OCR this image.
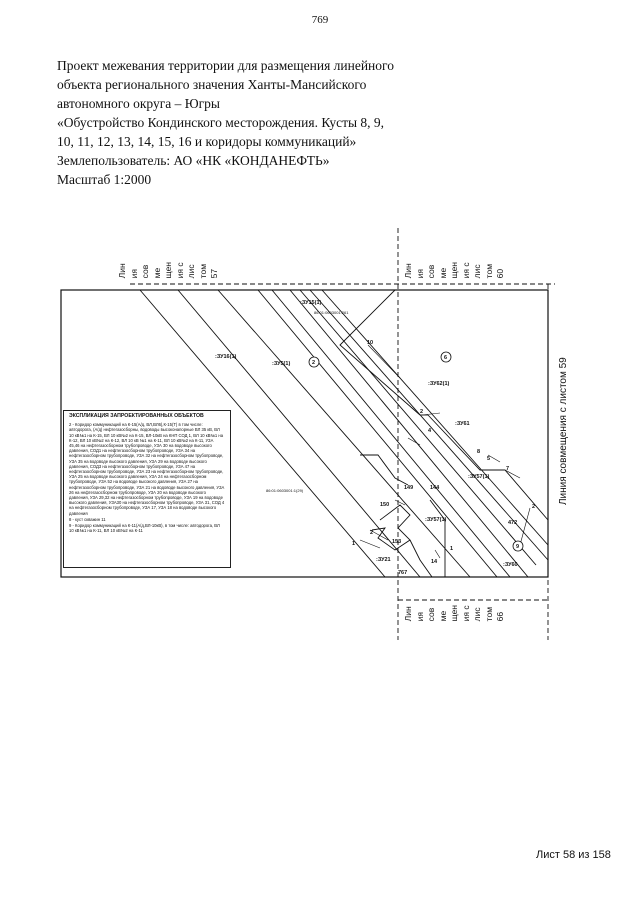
769
Проект межевания территории для размещения линейного
объекта регионального значения Ханты-Мансийского
автономного округа – Югры
«Обустройство Кондинского месторождения. Кусты 8, 9,
10, 11, 12, 13, 14, 15, 16 и коридоры коммуникаций»
Землепользователь: АО «НК «КОНДАНЕФТЬ»
Масштаб 1:2000
:ЗУ15(1)
86:01:0603001:261
:ЗУ16(1)
:ЗУ5(1)
:ЗУ62(1)
:ЗУ61
:ЗУ57(1)
:ЗУ57(1)
:ЗУ21
:ЗУ60
86:01:0603001:1(29)
10
2
4
8
5
7
149	144
150
2
153
1
472
2
1
14
767
2
6
9
Лин ия сов ме щен ия с лис том 57	Лин ия сов ме щен ия с лис том 60
Лин ия сов ме щен ия с лис том 66
Линия совмещения с листом 59
ЭКСПЛИКАЦИЯ ЗАПРОЕКТИРОВАННЫХ ОБЪЕКТОВ

2 - Коридор коммуникаций на К-15(А/д, ВЛ,ВЛ6),К-15(Т) в том числе: автодорога, (А/д) нефтегазосборны, водоводы высоконапорные ВЛ 35 кВ, ВЛ 10 кВ№1 на К-15, ВЛ 10 кВ№2 на К-15, ВЛ-10кВ на КНП СОД 1, ВЛ 10 кВ№1 на К-12, ВЛ 10 кВ№2 на К-12, ВЛ 10 кВ №1 на К-11, ВЛ 10 кВ№2 на К-11, УЗА 45,46 на нефтегазосборном трубопроводе, УЗА 30 на водоводе высокого давления, СОД1 на нефтегазосборном трубопроводе, УЗА 34 на нефтегазосборном трубопроводе, УЗА 32 на нефтегазосборном трубопроводе, УЗА 35 на водоводе высокого давления, УЗА 29 на водоводе высокого давления, СОД3 на нефтегазосборном трубопроводе, УЗА 47 на нефтегазосборном трубопроводе, УЗА 23 на нефтегазосборном трубопроводе, УЗА 25 на водоводе высокого давления, УЗА 24 на нефтегазосборном трубопроводе, УЗА 52 на водоводе высокого давления, УЗА 27 на нефтегазосборном трубопроводе, УЗА 21 на водоводе высокого давления, УЗА 26 на нефтегазосборном трубопроводе, УЗА 20 на водоводе высокого давления, УЗА 29,32 на нефтегазосборном трубопроводе, УЗА 19 на водоводе высокого давления, УЗА30 на нефтегазосборном трубопроводе, УЗА 31, СОД 4 на нефтегазосборном трубопроводе, УЗА 17, УЗА 18 на водоводе высокого давления

8 - куст скважин 11

9 - Коридор коммуникаций на К-11(А/д,ВЛ-10кВ), в том числе: автодорога, ВЛ 10 кВ№1 на К-11, ВЛ 10 кВ№2 на К-11

Лист 58 из 158
